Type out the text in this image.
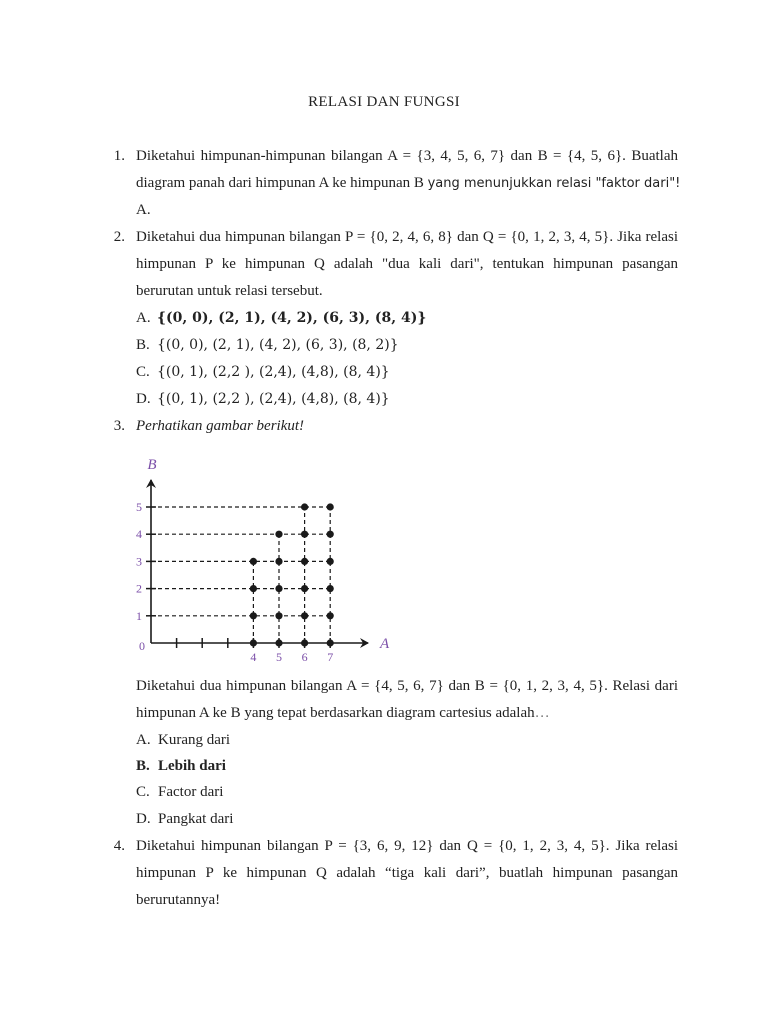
RELASI DAN FUNGSI
1. Diketahui himpunan-himpunan bilangan A = {3, 4, 5, 6, 7} dan B = {4, 5, 6}. Buatlah
diagram panah dari himpunan A ke himpunan B yang menunjukkan relasi "faktor dari"!
A.
2. Diketahui dua himpunan bilangan P = {0, 2, 4, 6, 8} dan Q = {0, 1, 2, 3, 4, 5}. Jika relasi
himpunan P ke himpunan Q adalah "dua kali dari", tentukan himpunan pasangan
berurutan untuk relasi tersebut.
A. {(0, 0), (2, 1), (4, 2), (6, 3), (8, 4)}
B. {(0, 0), (2, 1), (4, 2), (6, 3), (8, 2)}
C. {(0, 1), (2,2 ), (2,4), (4,8), (8, 4)}
D. {(0, 1), (2,2 ), (2,4), (4,8), (8, 4)}
3. Perhatikan gambar berikut!
4 5 6 7
1
2
3
4
5
B
A
0
Diketahui dua himpunan bilangan A = {4, 5, 6, 7} dan B = {0, 1, 2, 3, 4, 5}. Relasi dari
himpunan A ke B yang tepat berdasarkan diagram cartesius adalah…
A. Kurang dari
B. Lebih dari
C. Factor dari
D. Pangkat dari
4. Diketahui himpunan bilangan P = {3, 6, 9, 12} dan Q = {0, 1, 2, 3, 4, 5}. Jika relasi
himpunan P ke himpunan Q adalah “tiga kali dari”, buatlah himpunan pasangan
berurutannya!
